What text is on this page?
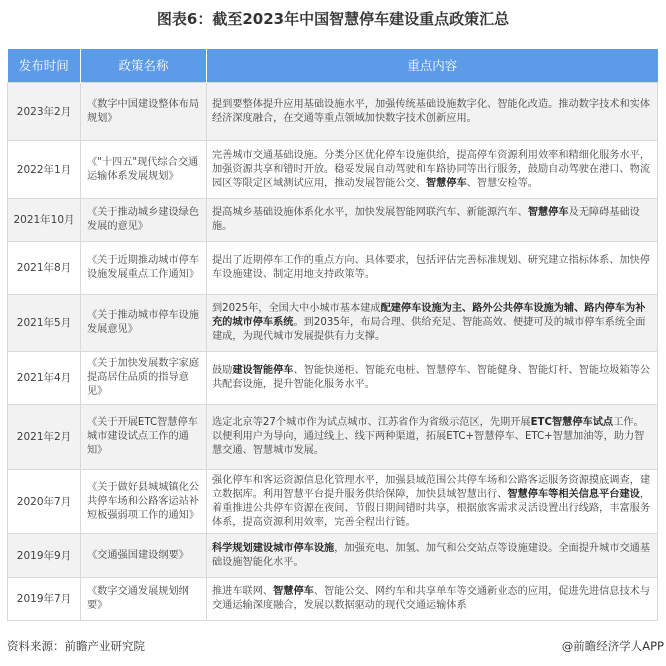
图表6：截至2023年中国智慧停车建设重点政策汇总
发布时间	政策名称	重点内容
2023年2月	《数字中国建设整体布局规划》	提到要整体提升应用基础设施水平，加强传统基础设施数字化、智能化改造。推动数字技术和实体经济深度融合，在交通等重点领域加快数字技术创新应用。
2022年1月	《"十四五"现代综合交通运输体系发展规划》	完善城市交通基础设施。分类分区优化停车设施供给，提高停车资源利用效率和精细化服务水平，加强资源共享和错时开放。稳妥发展自动驾驶和车路协同等出行服务，鼓励自动驾驶在港口、物流园区等限定区域测试应用，推动发展智能公交、智慧停车、智慧安检等。
2021年10月	《关于推动城乡建设绿色发展的意见》	提高城乡基础设施体系化水平，加快发展智能网联汽车、新能源汽车、智慧停车及无障碍基础设施。
2021年8月	《关于近期推动城市停车设施发展重点工作通知》	提出了近期停车工作的重点方向、具体要求，包括评估完善标准规划、研究建立指标体系、加快停车设施建设、制定用地支持政策等。
2021年5月	《关于推动城市停车设施发展意见》	到2025年，全国大中小城市基本建成配建停车设施为主、路外公共停车设施为辅、路内停车为补充的城市停车系统。到2035年，布局合理、供给充足、智能高效、便捷可及的城市停车系统全面建成，为现代城市发展提供有力支撑。
2021年4月	《关于加快发展数字家庭提高居住品质的指导意见》	鼓励建设智能停车、智能快递柜、智能充电桩、智慧停车、智能健身、智能灯杆、智能垃圾箱等公共配套设施，提升智能化服务水平。
2021年2月	《关于开展ETC智慧停车城市建设试点工作的通知》	选定北京等27个城市作为试点城市、江苏省作为省级示范区，先期开展ETC智慧停车试点工作。以便利用户为导向，通过线上、线下两种渠道，拓展ETC+智慧停车、ETC+智慧加油等，助力智慧交通、智慧城市发展。
2020年7月	《关于做好县城城镇化公共停车场和公路客运站补短板强弱项工作的通知》	强化停车和客运资源信息化管理水平，加强县域范围公共停车场和公路客运服务资源摸底调查，建立数据库。利用智慧平台提升服务供给保障，加快县域智慧出行、智慧停车等相关信息平台建设，着重推进公共停车资源在夜间、节假日期间错时共享，根据旅客需求灵活设置出行线路，丰富服务体系，提高资源利用效率，完善全程出行链。
2019年9月	《交通强国建设纲要》	科学规划建设城市停车设施，加强充电、加氢、加气和公交站点等设施建设。全面提升城市交通基础设施智能化水平。
2019年7月	《数字交通发展规划纲要》	推进车联网、智慧停车、智能公交、网约车和共享单车等交通新业态的应用，促进先进信息技术与交通运输深度融合，发展以数据驱动的现代交通运输体系
资料来源：前瞻产业研究院	@前瞻经济学人APP
